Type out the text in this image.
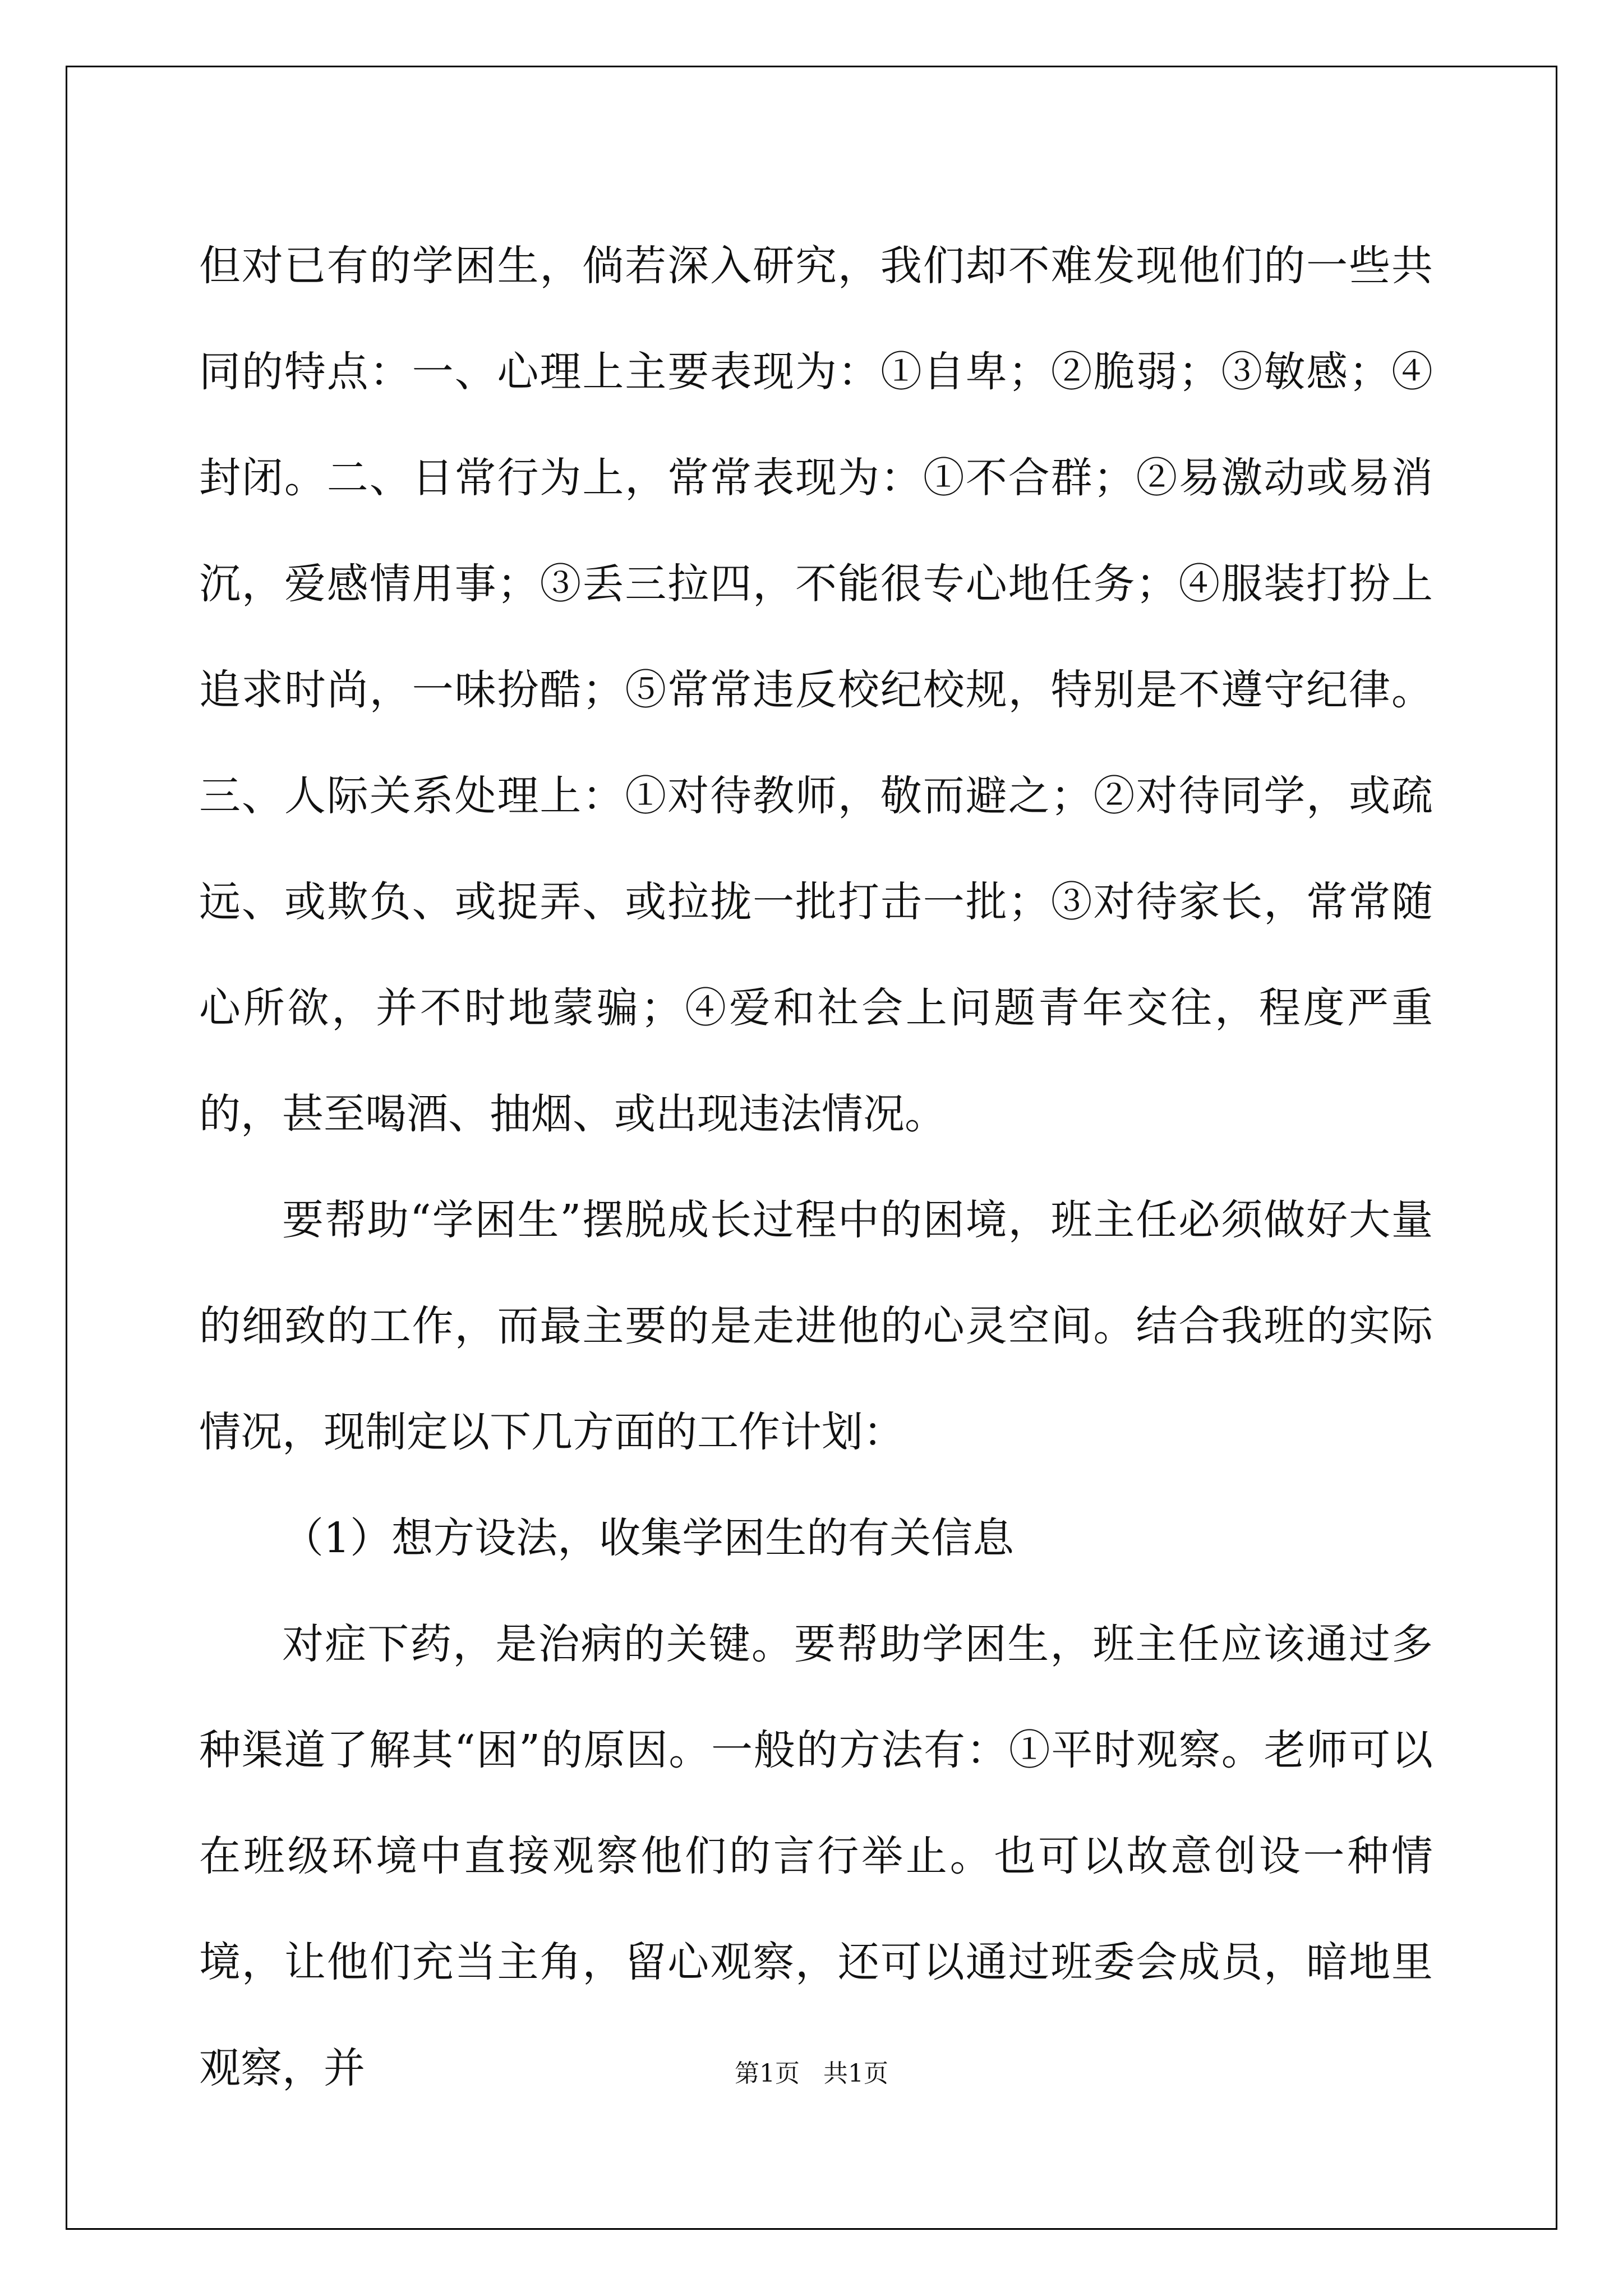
但对已有的学困生，倘若深入研究，我们却不难发现他们的一些共同的特点：一、心理上主要表现为：①自卑；②脆弱；③敏感；④封闭。二、日常行为上，常常表现为：①不合群；②易激动或易消沉，爱感情用事；③丢三拉四，不能很专心地任务；④服装打扮上追求时尚，一味扮酷；⑤常常违反校纪校规，特别是不遵守纪律。三、人际关系处理上：①对待教师，敬而避之；②对待同学，或疏远、或欺负、或捉弄、或拉拢一批打击一批；③对待家长，常常随心所欲，并不时地蒙骗；④爱和社会上问题青年交往，程度严重的，甚至喝酒、抽烟、或出现违法情况。

要帮助“学困生”摆脱成长过程中的困境，班主任必须做好大量的细致的工作，而最主要的是走进他的心灵空间。结合我班的实际情况，现制定以下几方面的工作计划：

（1）想方设法，收集学困生的有关信息

对症下药，是治病的关键。要帮助学困生，班主任应该通过多种渠道了解其“困”的原因。一般的方法有：①平时观察。老师可以在班级环境中直接观察他们的言行举止。也可以故意创设一种情境，让他们充当主角，留心观察，还可以通过班委会成员，暗地里观察，并	第1页   共1页
